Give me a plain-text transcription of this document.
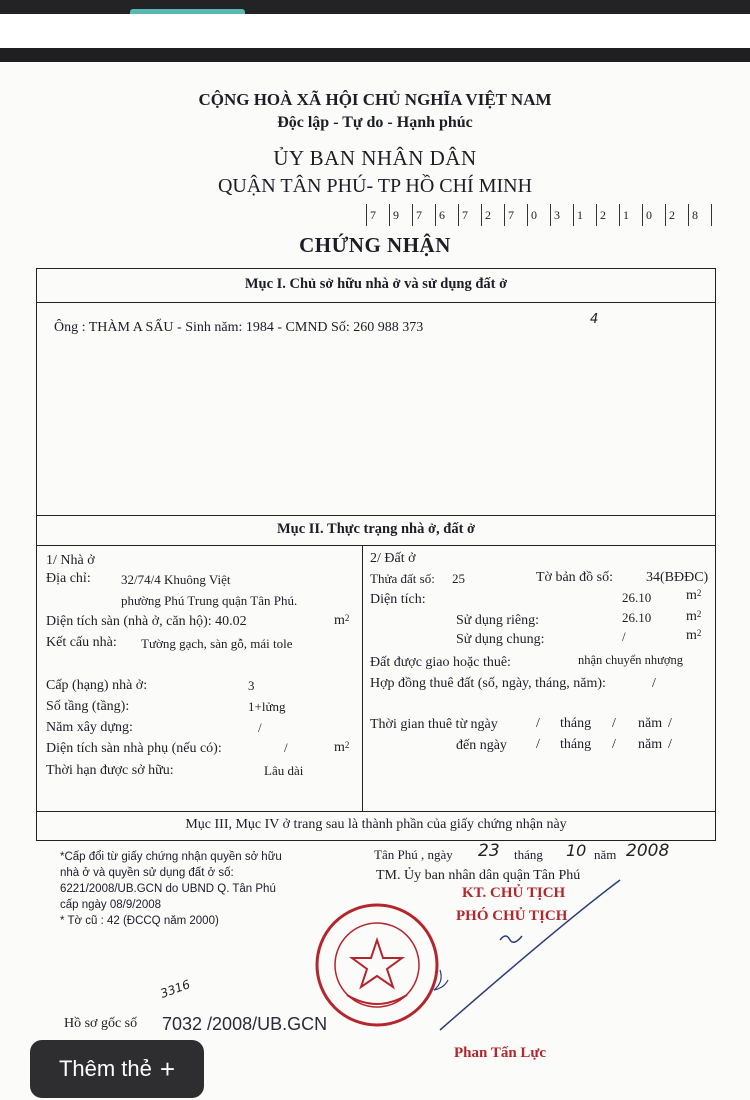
CỘNG HOÀ XÃ HỘI CHỦ NGHĨA VIỆT NAM
Độc lập - Tự do - Hạnh phúc
ỦY BAN NHÂN DÂN
QUẬN TÂN PHÚ- TP HỒ CHÍ MINH
7	9	7	6	7	2	7	0	3	1	2	1	0	2	8
CHỨNG NHẬN
Mục I. Chủ sở hữu nhà ở và sử dụng đất ở
Ông : THÀM A SẨU - Sinh năm: 1984 - CMND Số: 260 988 373
4
Mục II. Thực trạng nhà ở, đất ở
1/ Nhà ở
Địa chỉ: 32/74/4 Khuông Việt
phường Phú Trung quận Tân Phú.
Diện tích sàn (nhà ở, căn hộ): 40.02	$m^2$
Kết cấu nhà: Tường gạch, sàn gỗ, mái tole
Cấp (hạng) nhà ở:	3
Số tầng (tầng):	1+lửng
Năm xây dựng:	/
Diện tích sàn nhà phụ (nếu có):	/	$m^2$
Thời hạn được sở hữu:	Lâu dài
2/ Đất ở
Thửa đất số: 25	Tờ bản đồ số: 34(BĐĐC)
Diện tích:	26.10 $m^2$
Sử dụng riêng:	26.10 $m^2$
Sử dụng chung:	/	$m^2$
Đất được giao hoặc thuê:	nhận chuyển nhượng
Hợp đồng thuê đất (số, ngày, tháng, năm):	/
Thời gian thuê từ ngày	/ tháng / năm /
đến ngày / tháng / năm /
Mục III, Mục IV ở trang sau là thành phần của giấy chứng nhận này
*Cấp đổi từ giấy chứng nhận quyền sở hữu
nhà ở và quyền sử dụng đất ở số:
6221/2008/UB.GCN do UBND Q. Tân Phú
cấp ngày 08/9/2008
* Tờ cũ : 42 (ĐCCQ năm 2000)
Tân Phú , ngày 23 tháng 10 năm 2008
TM. Ủy ban nhân dân quận Tân Phú
KT. CHỦ TỊCH
PHÓ CHỦ TỊCH
Phan Tấn Lực
Hồ sơ gốc số 7032 /2008/UB.GCN
3316
Thêm thẻ +
